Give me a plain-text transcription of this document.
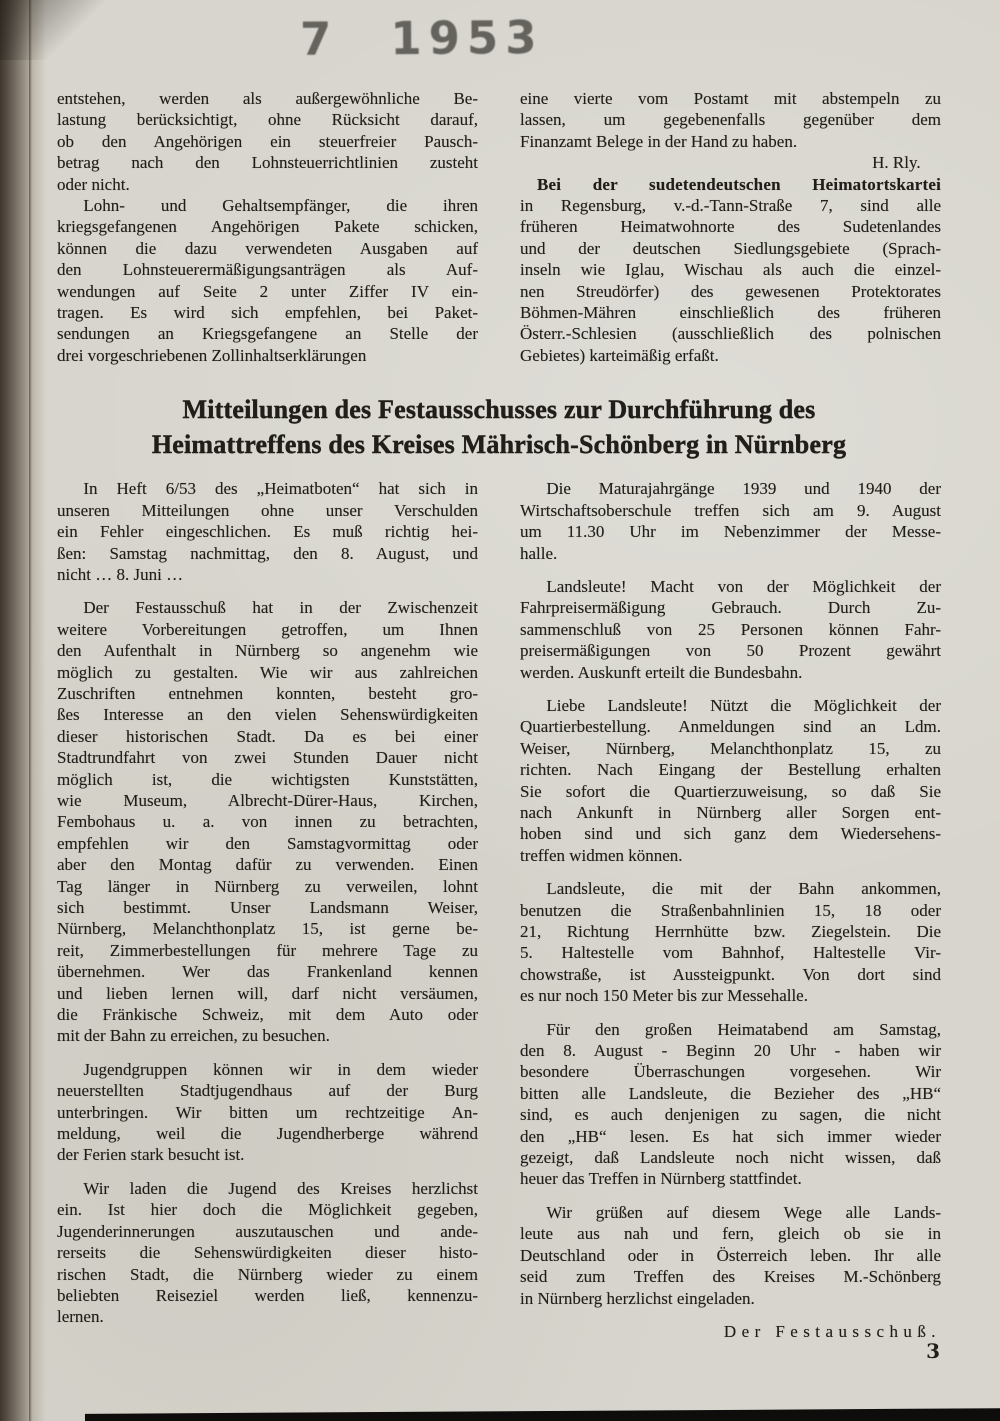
7 1953
entstehen, werden als außergewöhnliche Be-
lastung berücksichtigt, ohne Rücksicht darauf,
ob den Angehörigen ein steuerfreier Pausch-
betrag nach den Lohnsteuerrichtlinien zusteht
oder nicht.
Lohn- und Gehaltsempfänger, die ihren
kriegsgefangenen Angehörigen Pakete schicken,
können die dazu verwendeten Ausgaben auf
den Lohnsteuerermäßigungsanträgen als Auf-
wendungen auf Seite 2 unter Ziffer IV ein-
tragen. Es wird sich empfehlen, bei Paket-
sendungen an Kriegsgefangene an Stelle der
drei vorgeschriebenen Zollinhaltserklärungen
eine vierte vom Postamt mit abstempeln zu
lassen, um gegebenenfalls gegenüber dem
Finanzamt Belege in der Hand zu haben.
H. Rly.
Bei der sudetendeutschen Heimatortskartei
in Regensburg, v.-d.-Tann-Straße 7, sind alle
früheren Heimatwohnorte des Sudetenlandes
und der deutschen Siedlungsgebiete (Sprach-
inseln wie Iglau, Wischau als auch die einzel-
nen Streudörfer) des gewesenen Protektorates
Böhmen-Mähren einschließlich des früheren
Österr.-Schlesien (ausschließlich des polnischen
Gebietes) karteimäßig erfaßt.
Mitteilungen des Festausschusses zur Durchführung des
Heimattreffens des Kreises Mährisch-Schönberg in Nürnberg
In Heft 6/53 des „Heimatboten“ hat sich in
unseren Mitteilungen ohne unser Verschulden
ein Fehler eingeschlichen. Es muß richtig hei-
ßen: Samstag nachmittag, den 8. August, und
nicht … 8. Juni …
Der Festausschuß hat in der Zwischenzeit
weitere Vorbereitungen getroffen, um Ihnen
den Aufenthalt in Nürnberg so angenehm wie
möglich zu gestalten. Wie wir aus zahlreichen
Zuschriften entnehmen konnten, besteht gro-
ßes Interesse an den vielen Sehenswürdigkeiten
dieser historischen Stadt. Da es bei einer
Stadtrundfahrt von zwei Stunden Dauer nicht
möglich ist, die wichtigsten Kunststätten,
wie Museum, Albrecht-Dürer-Haus, Kirchen,
Fembohaus u. a. von innen zu betrachten,
empfehlen wir den Samstagvormittag oder
aber den Montag dafür zu verwenden. Einen
Tag länger in Nürnberg zu verweilen, lohnt
sich bestimmt. Unser Landsmann Weiser,
Nürnberg, Melanchthonplatz 15, ist gerne be-
reit, Zimmerbestellungen für mehrere Tage zu
übernehmen. Wer das Frankenland kennen
und lieben lernen will, darf nicht versäumen,
die Fränkische Schweiz, mit dem Auto oder
mit der Bahn zu erreichen, zu besuchen.
Jugendgruppen können wir in dem wieder
neuerstellten Stadtjugendhaus auf der Burg
unterbringen. Wir bitten um rechtzeitige An-
meldung, weil die Jugendherberge während
der Ferien stark besucht ist.
Wir laden die Jugend des Kreises herzlichst
ein. Ist hier doch die Möglichkeit gegeben,
Jugenderinnerungen auszutauschen und ande-
rerseits die Sehenswürdigkeiten dieser histo-
rischen Stadt, die Nürnberg wieder zu einem
beliebten Reiseziel werden ließ, kennenzu-
lernen.
Die Maturajahrgänge 1939 und 1940 der
Wirtschaftsoberschule treffen sich am 9. August
um 11.30 Uhr im Nebenzimmer der Messe-
halle.
Landsleute! Macht von der Möglichkeit der
Fahrpreisermäßigung Gebrauch. Durch Zu-
sammenschluß von 25 Personen können Fahr-
preisermäßigungen von 50 Prozent gewährt
werden. Auskunft erteilt die Bundesbahn.
Liebe Landsleute! Nützt die Möglichkeit der
Quartierbestellung. Anmeldungen sind an Ldm.
Weiser, Nürnberg, Melanchthonplatz 15, zu
richten. Nach Eingang der Bestellung erhalten
Sie sofort die Quartierzuweisung, so daß Sie
nach Ankunft in Nürnberg aller Sorgen ent-
hoben sind und sich ganz dem Wiedersehens-
treffen widmen können.
Landsleute, die mit der Bahn ankommen,
benutzen die Straßenbahnlinien 15, 18 oder
21, Richtung Herrnhütte bzw. Ziegelstein. Die
5. Haltestelle vom Bahnhof, Haltestelle Vir-
chowstraße, ist Aussteigpunkt. Von dort sind
es nur noch 150 Meter bis zur Messehalle.
Für den großen Heimatabend am Samstag,
den 8. August - Beginn 20 Uhr - haben wir
besondere Überraschungen vorgesehen. Wir
bitten alle Landsleute, die Bezieher des „HB“
sind, es auch denjenigen zu sagen, die nicht
den „HB“ lesen. Es hat sich immer wieder
gezeigt, daß Landsleute noch nicht wissen, daß
heuer das Treffen in Nürnberg stattfindet.
Wir grüßen auf diesem Wege alle Lands-
leute aus nah und fern, gleich ob sie in
Deutschland oder in Österreich leben. Ihr alle
seid zum Treffen des Kreises M.-Schönberg
in Nürnberg herzlichst eingeladen.
Der Festausschuß.
3
